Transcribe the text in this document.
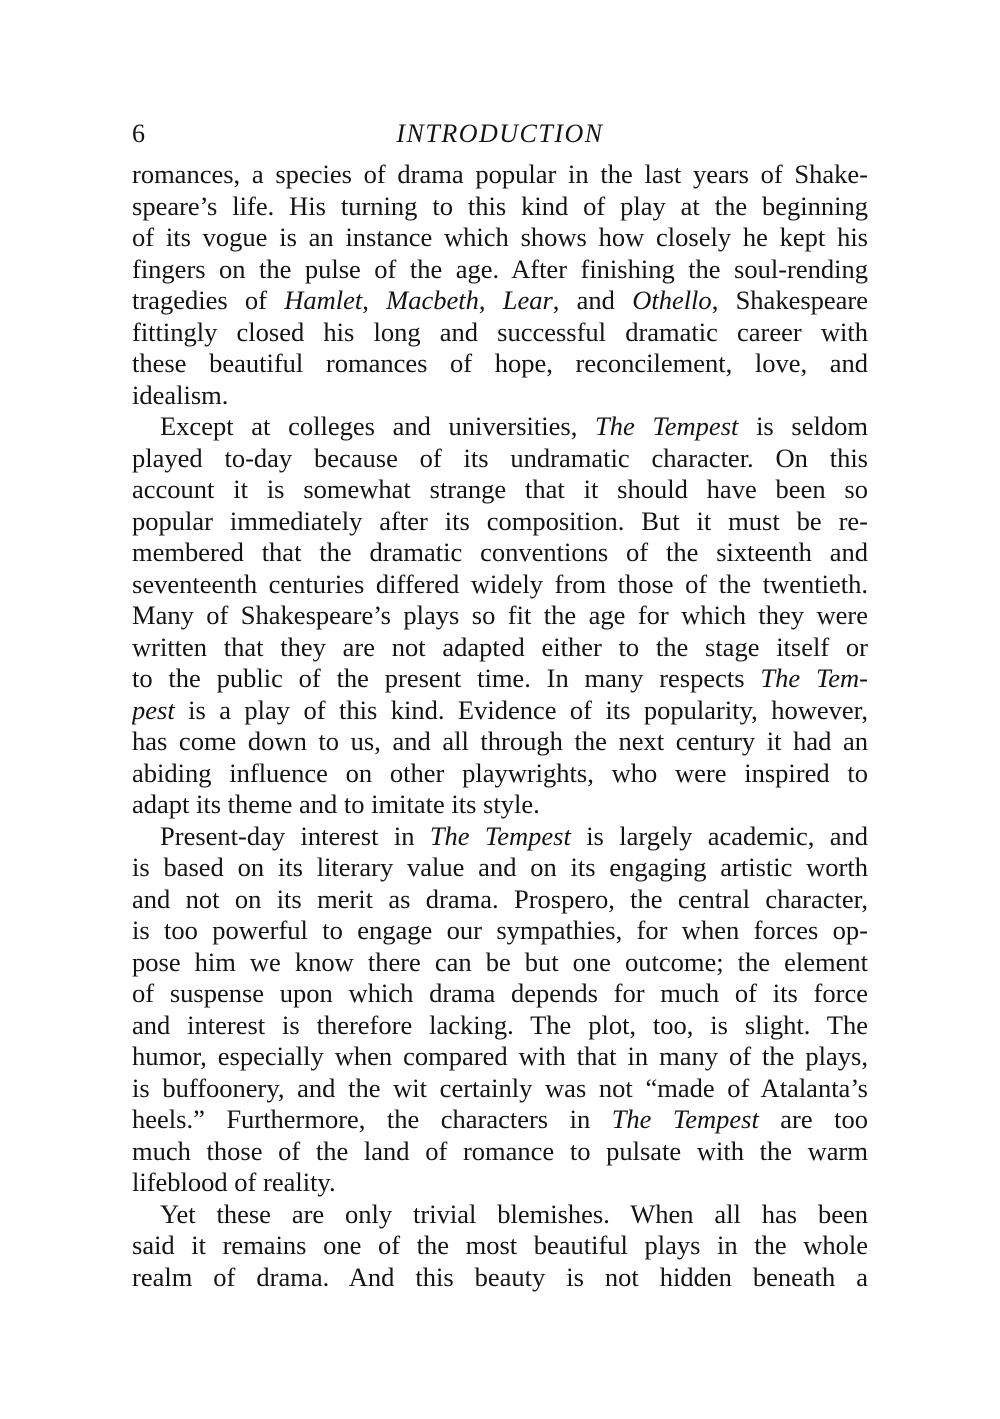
6	INTRODUCTION
romances, a species of drama popular in the last years of Shake-
speare’s life. His turning to this kind of play at the beginning
of its vogue is an instance which shows how closely he kept his
fingers on the pulse of the age. After finishing the soul-rending
tragedies of Hamlet, Macbeth, Lear, and Othello, Shakespeare
fittingly closed his long and successful dramatic career with
these beautiful romances of hope, reconcilement, love, and
idealism.
Except at colleges and universities, The Tempest is seldom
played to-day because of its undramatic character. On this
account it is somewhat strange that it should have been so
popular immediately after its composition. But it must be re-
membered that the dramatic conventions of the sixteenth and
seventeenth centuries differed widely from those of the twentieth.
Many of Shakespeare’s plays so fit the age for which they were
written that they are not adapted either to the stage itself or
to the public of the present time. In many respects The Tem-
pest is a play of this kind. Evidence of its popularity, however,
has come down to us, and all through the next century it had an
abiding influence on other playwrights, who were inspired to
adapt its theme and to imitate its style.
Present-day interest in The Tempest is largely academic, and
is based on its literary value and on its engaging artistic worth
and not on its merit as drama. Prospero, the central character,
is too powerful to engage our sympathies, for when forces op-
pose him we know there can be but one outcome; the element
of suspense upon which drama depends for much of its force
and interest is therefore lacking. The plot, too, is slight. The
humor, especially when compared with that in many of the plays,
is buffoonery, and the wit certainly was not “made of Atalanta’s
heels.” Furthermore, the characters in The Tempest are too
much those of the land of romance to pulsate with the warm
lifeblood of reality.
Yet these are only trivial blemishes. When all has been
said it remains one of the most beautiful plays in the whole
realm of drama. And this beauty is not hidden beneath a
